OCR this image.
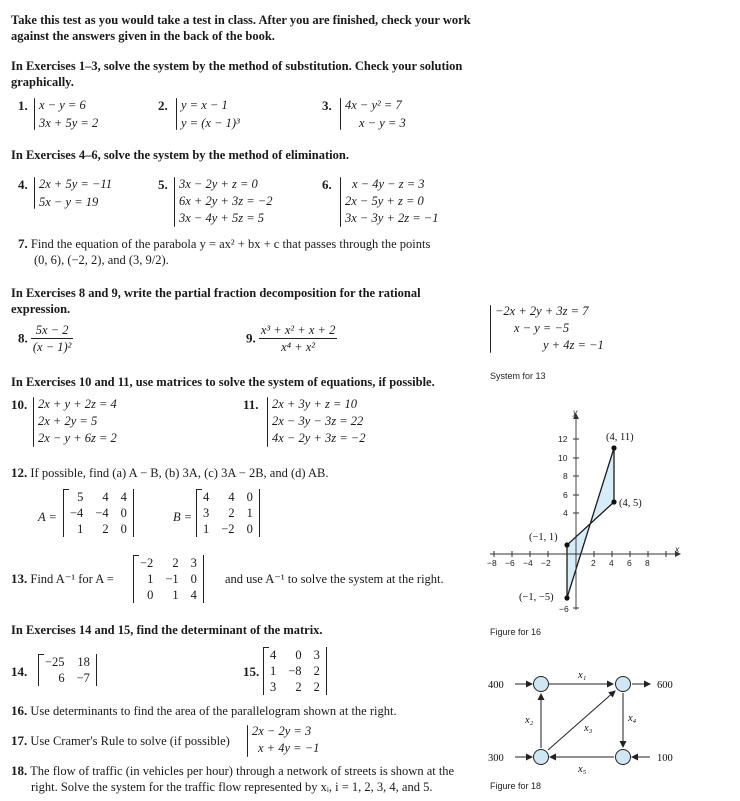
Take this test as you would take a test in class. After you are finished, check your work against the answers given in the back of the book.
In Exercises 1–3, solve the system by the method of substitution. Check your solution graphically.
1. x − y = 6
3x + 5y = 2
2. y = x − 1
y = (x − 1)³
3. 4x − y² = 7
x − y = 3
In Exercises 4–6, solve the system by the method of elimination.
4. 2x + 5y = −11
5x − y = 19
5. 3x − 2y + z = 0
6x + 2y + 3z = −2
3x − 4y + 5z = 5
6. x − 4y − z = 3
2x − 5y + z = 0
3x − 3y + 2z = −1
7. Find the equation of the parabola y = ax² + bx + c that passes through the points
(0, 6), (−2, 2), and (3, 9/2).
In Exercises 8 and 9, write the partial fraction decomposition for the rational expression.
8. $\frac{5x - 2}{\text{(x − 1)²}}$	9. $\frac{\text{x³ + x² + x + 2}}{\text{x⁴ + x²}}$
−2x + 2y + 3z = 7
x − y = −5
y + 4z = −1
System for 13
In Exercises 10 and 11, use matrices to solve the system of equations, if possible.
10. 2x + y + 2z = 4
2x + 2y = 5
2x − y + 6z = 2
11. 2x + 3y + z = 10
2x − 3y − 3z = 22
4x − 2y + 3z = −2
12. If possible, find (a) A − B, (b) 3A, (c) 3A − 2B, and (d) AB.
A =
5	4	4
−4	−4	0
1	2	0
B =
4	4	0
3	2	1
1	−2	0
13. Find A⁻¹ for A =
−2	2	3
1	−1	0
0	1	4
and use A⁻¹ to solve the system at the right.
In Exercises 14 and 15, find the determinant of the matrix.
14.
−25	18
6	−7	15.
4	0	3
1	−8	2
3	2	2
16. Use determinants to find the area of the parallelogram shown at the right.
17. Use Cramer's Rule to solve (if possible)
2x − 2y = 3
x + 4y = −1
18. The flow of traffic (in vehicles per hour) through a network of streets is shown at the
right. Solve the system for the traffic flow represented by xᵢ, i = 1, 2, 3, 4, and 5.
x
y
−8 −6 −4 −2	2 4 6 8
12
10
8
6
4
−6
(4, 11)
(4, 5)
(−1, 1)
(−1, −5)
Figure for 16
400
300
600
100
x₁
x₂
x₃
x₄
x₅
Figure for 18
